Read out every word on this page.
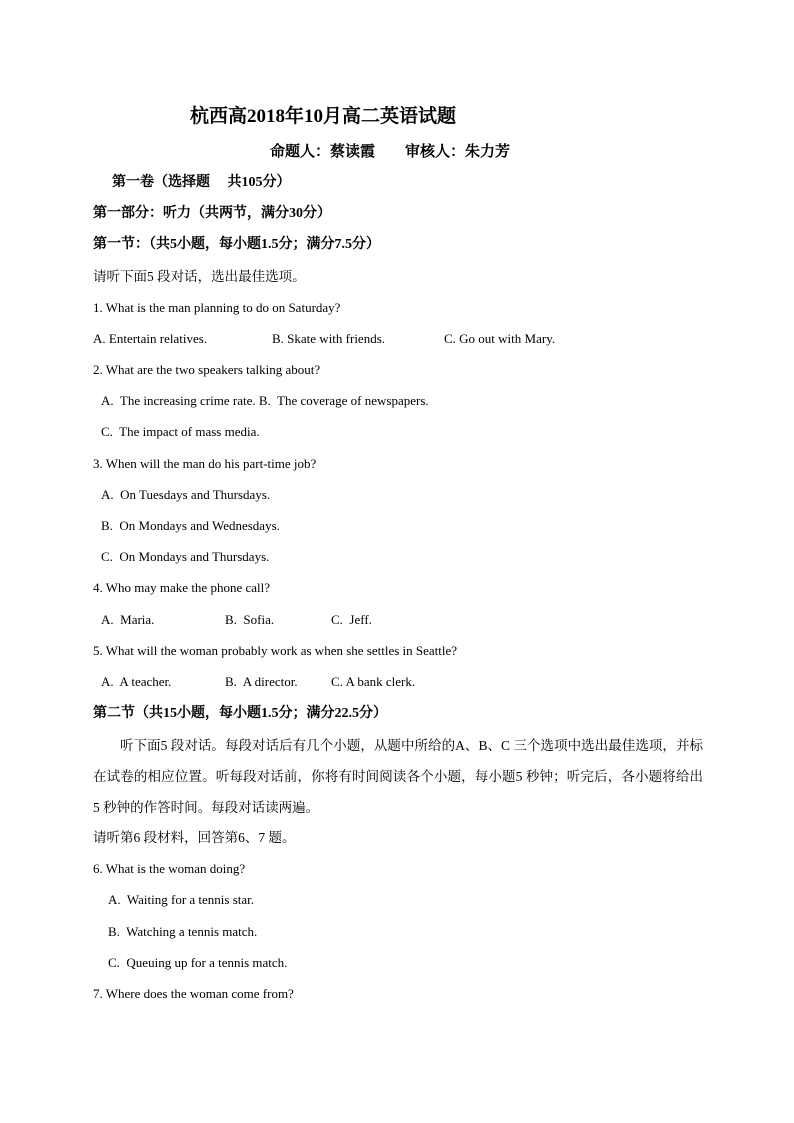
杭西高2018年10月高二英语试题
命题人：蔡读霞        审核人：朱力芳
第一卷（选择题     共105分）
第一部分：听力（共两节，满分30分）
第一节：（共5小题，每小题1.5分；满分7.5分）
请听下面5 段对话，选出最佳选项。
1. What is the man planning to do on Saturday?
A. Entertain relatives.	B. Skate with friends.	C. Go out with Mary.
2. What are the two speakers talking about?
A.  The increasing crime rate. B.  The coverage of newspapers.
C.  The impact of mass media.
3. When will the man do his part-time job?
A.  On Tuesdays and Thursdays.
B.  On Mondays and Wednesdays.
C.  On Mondays and Thursdays.
4. Who may make the phone call?
A.  Maria.	B.  Sofia.	C.  Jeff.
5. What will the woman probably work as when she settles in Seattle?
A.  A teacher.	B.  A director.	C. A bank clerk.
第二节（共15小题，每小题1.5分；满分22.5分）
听下面5 段对话。每段对话后有几个小题，从题中所给的A、B、C 三个选项中选出最佳选项，并标在试卷的相应位置。听每段对话前，你将有时间阅读各个小题，每小题5 秒钟；听完后，各小题将给出5 秒钟的作答时间。每段对话读两遍。
请听第6 段材料，回答第6、7 题。
6. What is the woman doing?
A.  Waiting for a tennis star.
B.  Watching a tennis match.
C.  Queuing up for a tennis match.
7. Where does the woman come from?
